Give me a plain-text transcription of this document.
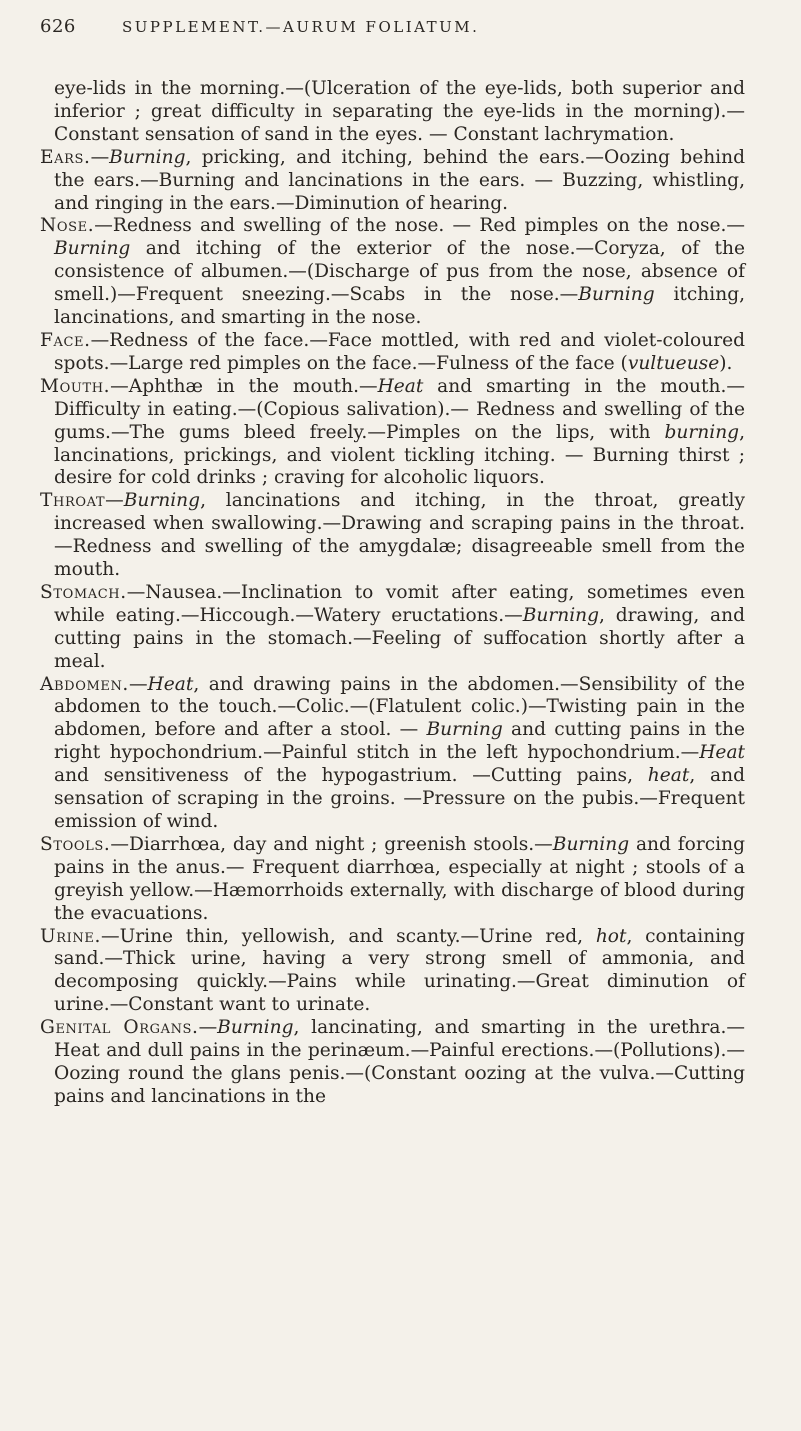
626	SUPPLEMENT.—AURUM FOLIATUM.

eye-lids in the morning.—(Ulceration of the eye-lids, both superior and inferior ; great difficulty in separating the eye-lids in the morning).—Constant sensation of sand in the eyes. — Constant lachrymation.

Ears.—Burning, pricking, and itching, behind the ears.—Oozing behind the ears.—Burning and lancinations in the ears. — Buzzing, whistling, and ringing in the ears.—Diminution of hearing.

Nose.—Redness and swelling of the nose. — Red pimples on the nose.—Burning and itching of the exterior of the nose.—Coryza, of the consistence of albumen.—(Discharge of pus from the nose, absence of smell.)—Frequent sneezing.—Scabs in the nose.—Burning itching, lancinations, and smarting in the nose.

Face.—Redness of the face.—Face mottled, with red and violet-coloured spots.—Large red pimples on the face.—Fulness of the face (vultueuse).

Mouth.—Aphthæ in the mouth.—Heat and smarting in the mouth.—Difficulty in eating.—(Copious salivation).— Redness and swelling of the gums.—The gums bleed freely.—Pimples on the lips, with burning, lancinations, prickings, and violent tickling itching. — Burning thirst ; desire for cold drinks ; craving for alcoholic liquors.

Throat—Burning, lancinations and itching, in the throat, greatly increased when swallowing.—Drawing and scraping pains in the throat.—Redness and swelling of the amygdalæ; disagreeable smell from the mouth.

Stomach.—Nausea.—Inclination to vomit after eating, sometimes even while eating.—Hiccough.—Watery eructations.—Burning, drawing, and cutting pains in the stomach.—Feeling of suffocation shortly after a meal.

Abdomen.—Heat, and drawing pains in the abdomen.—Sensibility of the abdomen to the touch.—Colic.—(Flatulent colic.)—Twisting pain in the abdomen, before and after a stool. — Burning and cutting pains in the right hypochondrium.—Painful stitch in the left hypochondrium.—Heat and sensitiveness of the hypogastrium. —Cutting pains, heat, and sensation of scraping in the groins. —Pressure on the pubis.—Frequent emission of wind.

Stools.—Diarrhœa, day and night ; greenish stools.—Burning and forcing pains in the anus.— Frequent diarrhœa, especially at night ; stools of a greyish yellow.—Hæmorrhoids externally, with discharge of blood during the evacuations.

Urine.—Urine thin, yellowish, and scanty.—Urine red, hot, containing sand.—Thick urine, having a very strong smell of ammonia, and decomposing quickly.—Pains while urinating.—Great diminution of urine.—Constant want to urinate.

Genital Organs.—Burning, lancinating, and smarting in the urethra.—Heat and dull pains in the perinæum.—Painful erections.—(Pollutions).—Oozing round the glans penis.—(Constant oozing at the vulva.—Cutting pains and lancinations in the
